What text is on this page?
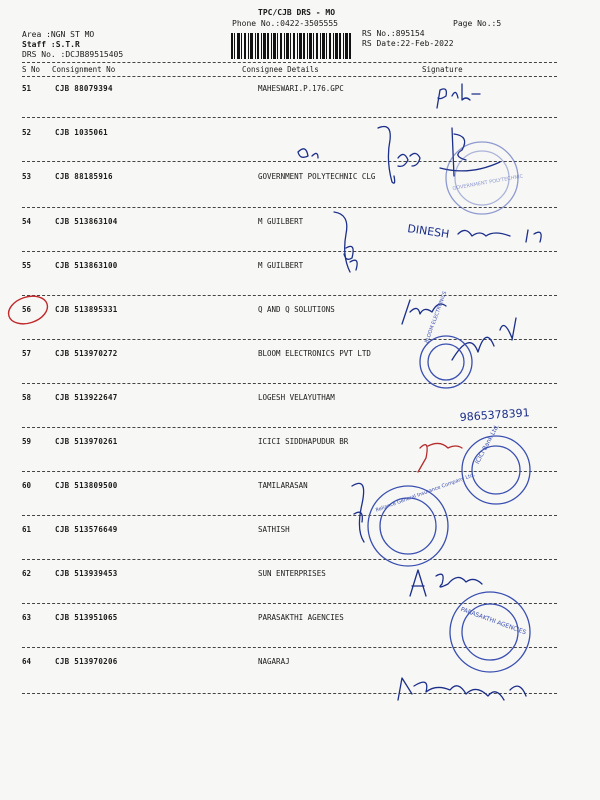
TPC/CJB DRS - MO
Phone No.:0422-3505555	Page No.:5
Area :NGN ST MO
Staff :S.T.R
DRS No. :DCJB89515405
RS No.:895154
RS Date:22-Feb-2022
S No Consignment No	Consignee Details	Signature
51	CJB 88079394	MAHESWARI.P.176.GPC
52	CJB 1035061
53	CJB 88185916	GOVERNMENT POLYTECHNIC CLG
54	CJB 513863104	M GUILBERT
55	CJB 513863100	M GUILBERT
56	CJB 513895331	Q AND Q SOLUTIONS
57	CJB 513970272	BLOOM ELECTRONICS PVT LTD
58	CJB 513922647	LOGESH VELAYUTHAM
59	CJB 513970261	ICICI SIDDHAPUDUR BR
60	CJB 513809500	TAMILARASAN
61	CJB 513576649	SATHISH
62	CJB 513939453	SUN ENTERPRISES
63	CJB 513951065	PARASAKTHI AGENCIES
64	CJB 513970206	NAGARAJ
DINESH
9865378391
ICICI Bank Ltd.
Reliance General Insurance Company Ltd.
PARASAKTHI AGENCIES
BLOOM ELECTRONICS
GOVERNMENT POLYTECHNIC
